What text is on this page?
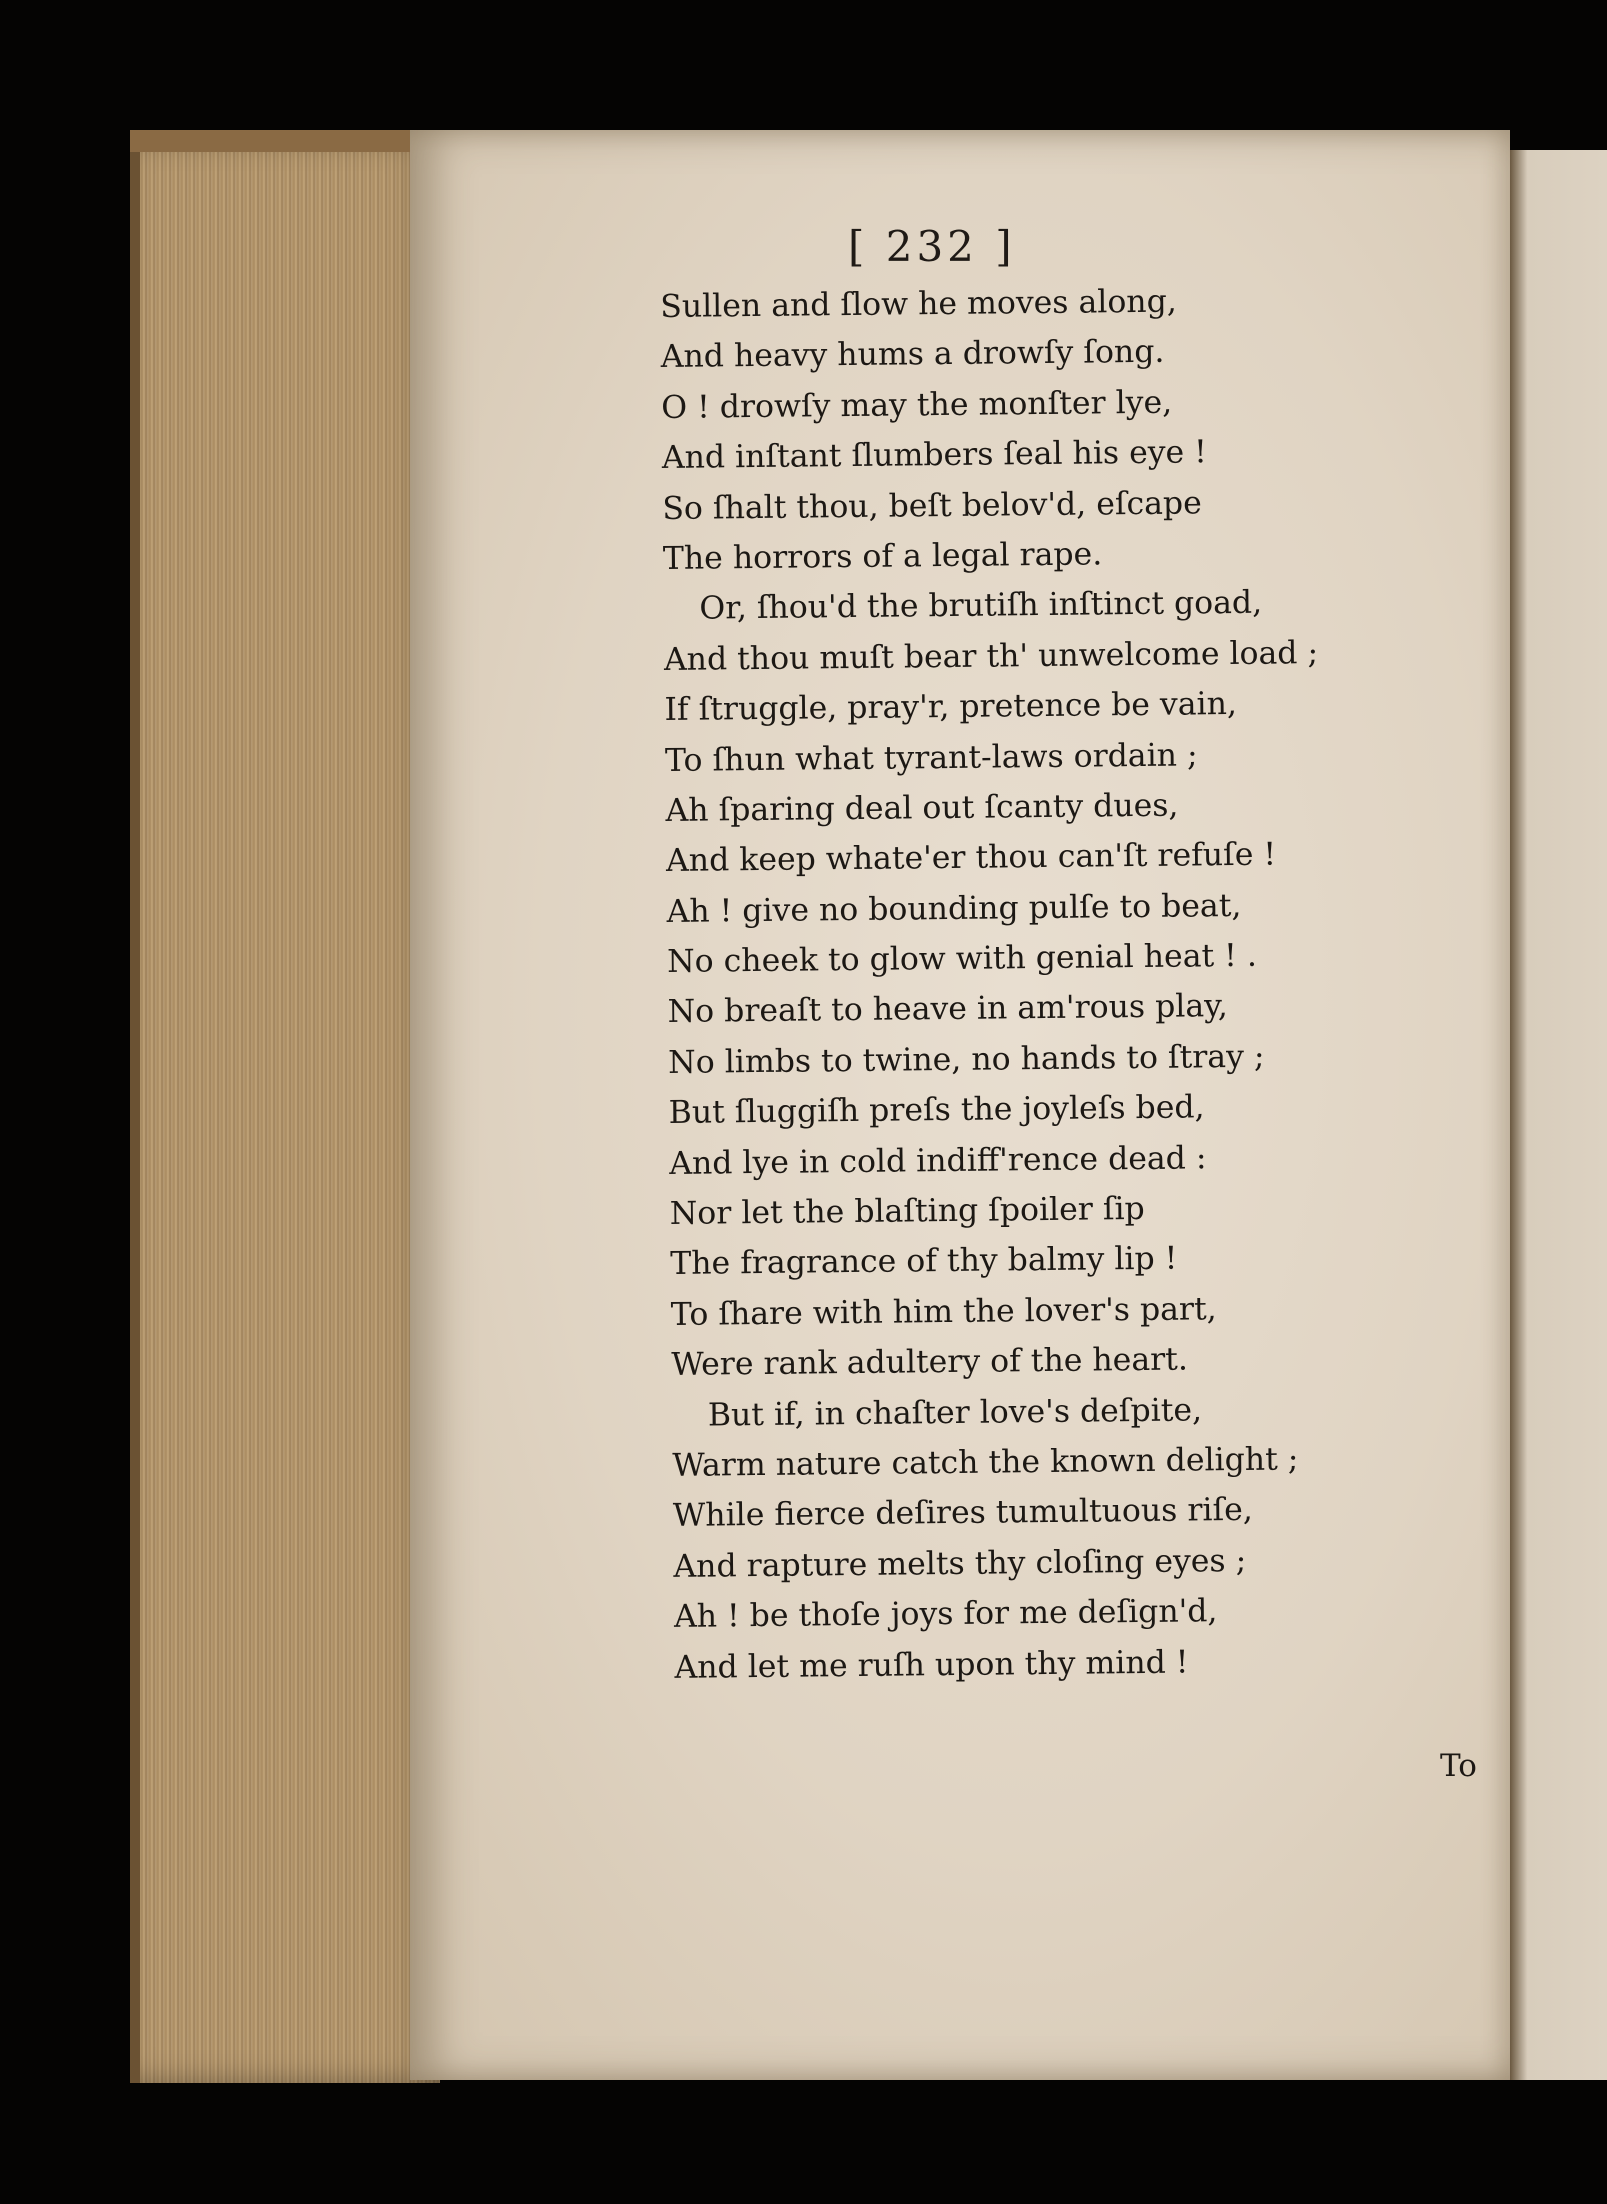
[ 232 ]
Sullen and ſlow he moves along,
And heavy hums a drowſy ſong.
O ! drowſy may the monſter lye,
And inſtant ſlumbers ſeal his eye !
So ſhalt thou, beſt belov'd, eſcape
The horrors of a legal rape.
Or, ſhou'd the brutiſh inſtinct goad,
And thou muſt bear th' unwelcome load ;
If ſtruggle, pray'r, pretence be vain,
To ſhun what tyrant-laws ordain ;
Ah ſparing deal out ſcanty dues,
And keep whate'er thou can'ſt refuſe !
Ah ! give no bounding pulſe to beat,
No cheek to glow with genial heat ! .
No breaſt to heave in am'rous play,
No limbs to twine, no hands to ſtray ;
But ſluggiſh preſs the joyleſs bed,
And lye in cold indiff'rence dead :
Nor let the blaſting ſpoiler ſip
The fragrance of thy balmy lip !
To ſhare with him the lover's part,
Were rank adultery of the heart.
But if, in chaſter love's deſpite,
Warm nature catch the known delight ;
While fierce deſires tumultuous riſe,
And rapture melts thy cloſing eyes ;
Ah ! be thoſe joys for me deſign'd,
And let me ruſh upon thy mind !
To
